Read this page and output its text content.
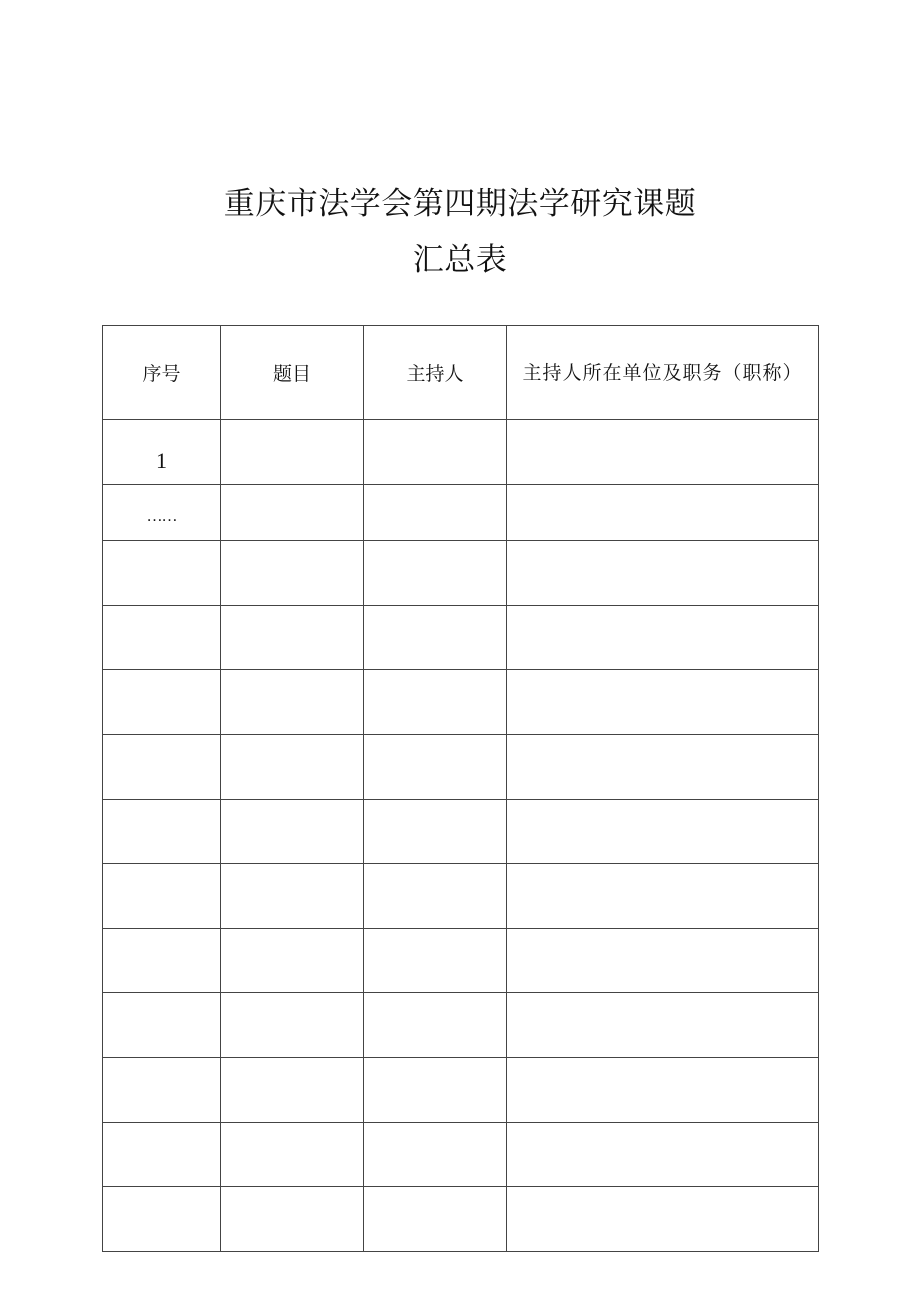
重庆市法学会第四期法学研究课题
汇总表
序号	题目	主持人	主持人所在单位及职务（职称）
1			
……			
